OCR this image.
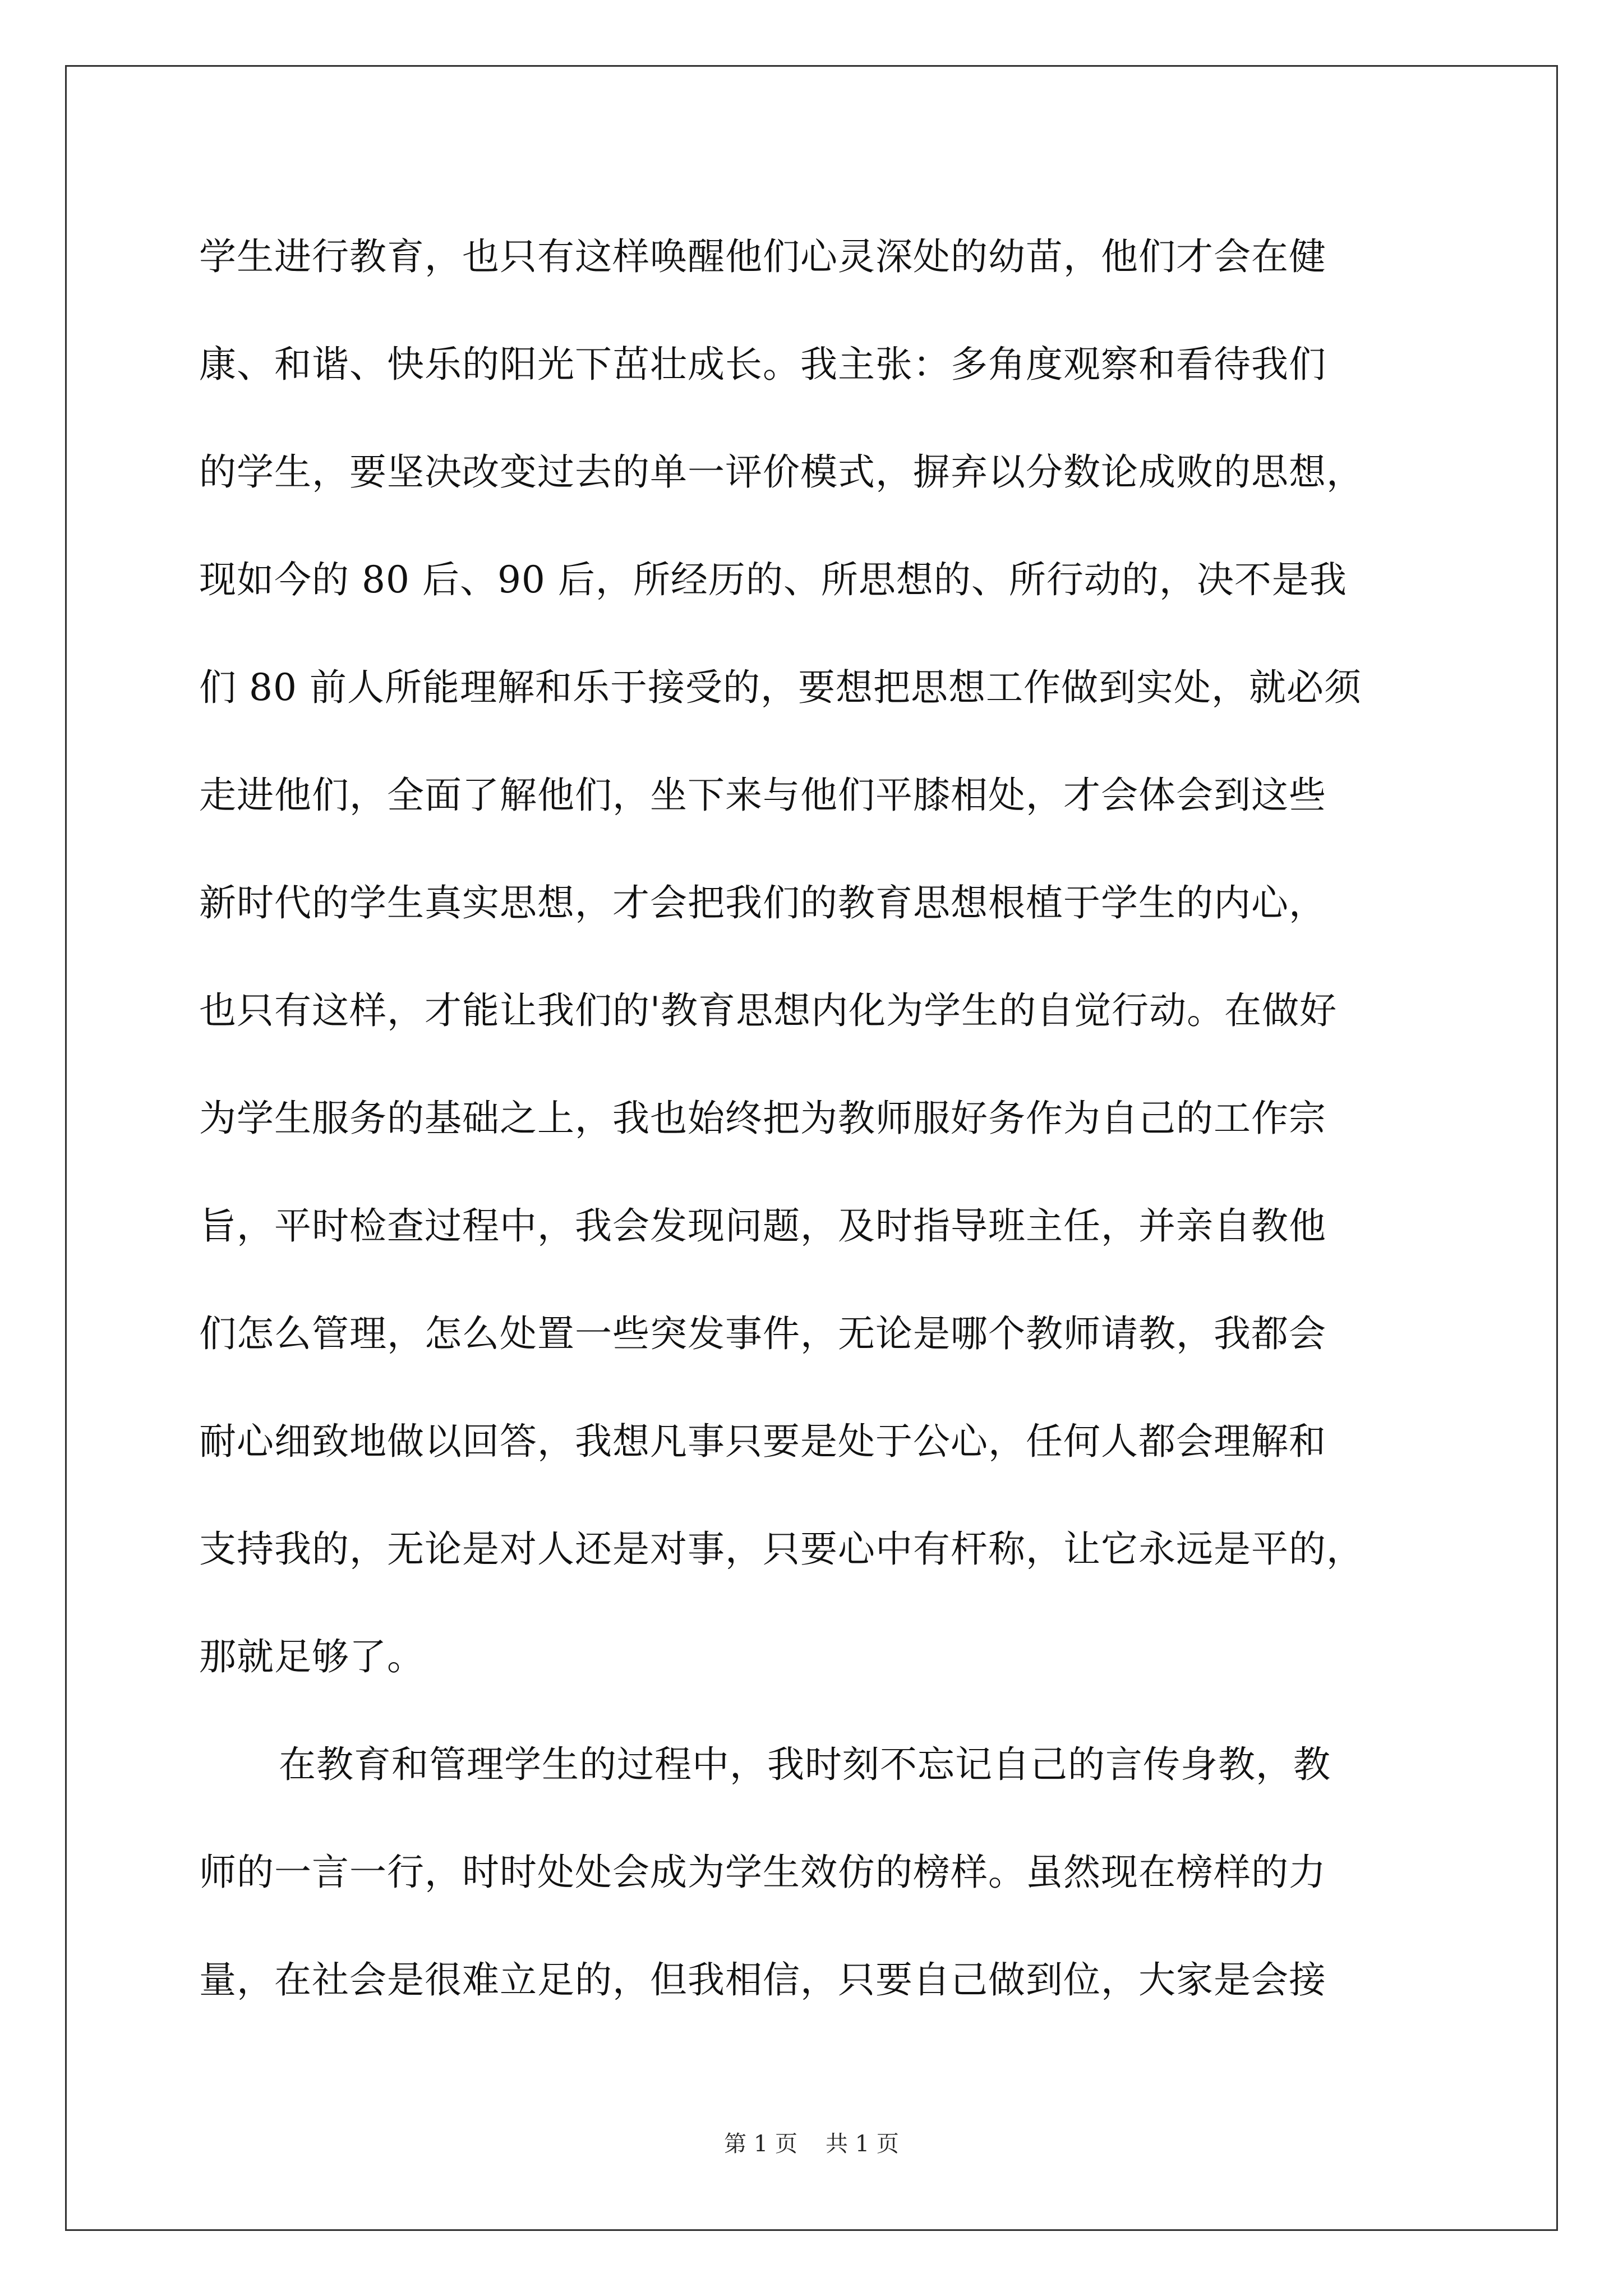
学生进行教育，也只有这样唤醒他们心灵深处的幼苗，他们才会在健
康、和谐、快乐的阳光下茁壮成长。我主张：多角度观察和看待我们
的学生，要坚决改变过去的单一评价模式，摒弃以分数论成败的思想，
现如今的 80 后、90 后，所经历的、所思想的、所行动的，决不是我
们 80 前人所能理解和乐于接受的，要想把思想工作做到实处，就必须
走进他们，全面了解他们，坐下来与他们平膝相处，才会体会到这些
新时代的学生真实思想，才会把我们的教育思想根植于学生的内心，
也只有这样，才能让我们的'教育思想内化为学生的自觉行动。在做好
为学生服务的基础之上，我也始终把为教师服好务作为自己的工作宗
旨，平时检查过程中，我会发现问题，及时指导班主任，并亲自教他
们怎么管理，怎么处置一些突发事件，无论是哪个教师请教，我都会
耐心细致地做以回答，我想凡事只要是处于公心，任何人都会理解和
支持我的，无论是对人还是对事，只要心中有杆称，让它永远是平的，
那就足够了。
在教育和管理学生的过程中，我时刻不忘记自己的言传身教，教
师的一言一行，时时处处会成为学生效仿的榜样。虽然现在榜样的力
量，在社会是很难立足的，但我相信，只要自己做到位，大家是会接
第 1 页 共 1 页
